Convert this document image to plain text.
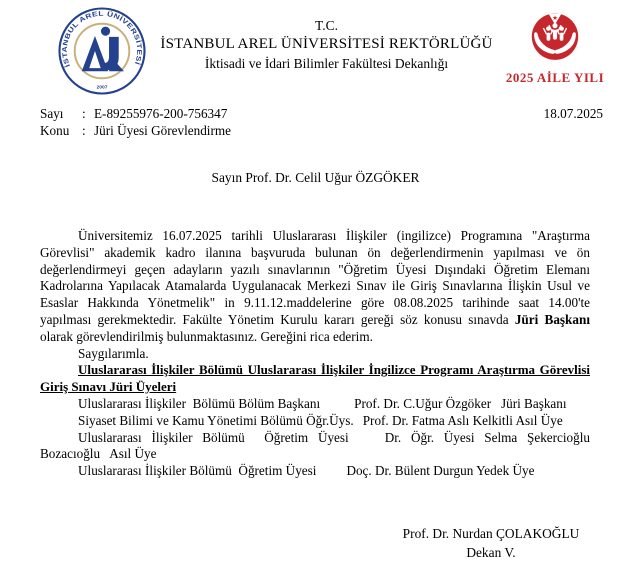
İSTANBUL AREL ÜNİVERSİTESİ
2007
T.C.
İSTANBUL AREL ÜNİVERSİTESİ REKTÖRLÜĞÜ
İktisadi ve İdari Bilimler Fakültesi Dekanlığı
★
2025 AİLE YILI
Sayı	: E-89255976-200-756347	18.07.2025
Konu : Jüri Üyesi Görevlendirme
Sayın Prof. Dr. Celil Uğur ÖZGÖKER

Üniversitemiz 16.07.2025 tarihli Uluslararası İlişkiler (ingilizce) Programına "Araştırma Görevlisi" akademik kadro ilanına başvuruda bulunan ön değerlendirmenin yapılması ve ön değerlendirmeyi geçen adayların yazılı sınavlarının "Öğretim Üyesi Dışındaki Öğretim Elemanı Kadrolarına Yapılacak Atamalarda Uygulanacak Merkezi Sınav ile Giriş Sınavlarına İlişkin Usul ve Esaslar Hakkında Yönetmelik" in 9.11.12.maddelerine göre 08.08.2025 tarihinde saat 14.00'te yapılması gerekmektedir. Fakülte Yönetim Kurulu kararı gereği söz konusu sınavda Jüri Başkanı olarak görevlendirilmiş bulunmaktasınız. Gereğini rica ederim.

Saygılarımla.

Uluslararası İlişkiler Bölümü Uluslararası İlişkiler İngilizce Programı Araştırma Görevlisi Giriş Sınavı Jüri Üyeleri

Uluslararası İlişkiler  Bölümü Bölüm Başkanı	Prof. Dr. C.Uğur Özgöker   Jüri Başkanı

Siyaset Bilimi ve Kamu Yönetimi Bölümü Öğr.Üys. Prof. Dr. Fatma Aslı Kelkitli Asıl Üye

Uluslararası İlişkiler Bölümü  Öğretim Üyesi	Dr. Öğr. Üyesi Selma Şekercioğlu Bozacıoğlu   Asıl Üye

Uluslararası İlişkiler Bölümü  Öğretim Üyesi Doç. Dr. Bülent Durgun Yedek Üye

Prof. Dr. Nurdan ÇOLAKOĞLU
Dekan V.
